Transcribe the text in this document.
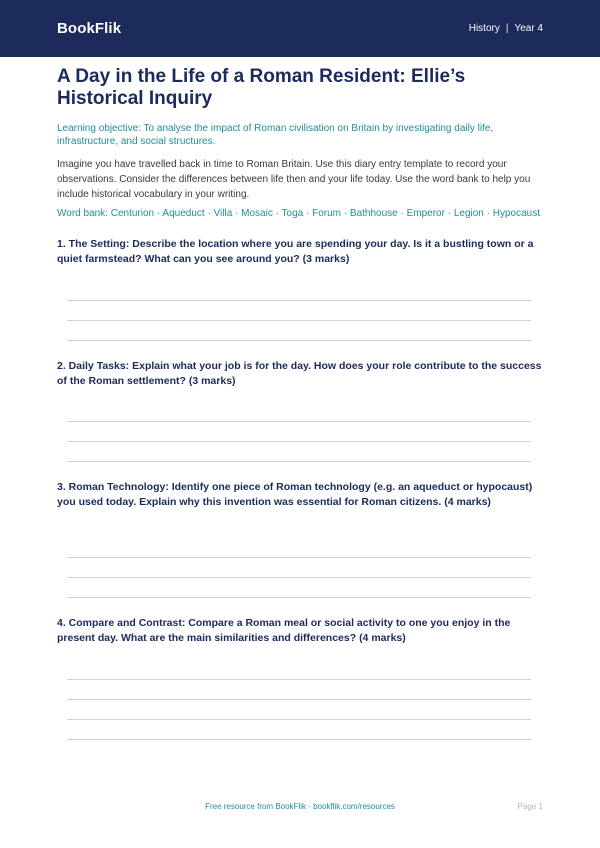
BookFlik	History | Year 4
A Day in the Life of a Roman Resident: Ellie’s Historical Inquiry

Learning objective: To analyse the impact of Roman civilisation on Britain by investigating daily life, infrastructure, and social structures.

Imagine you have travelled back in time to Roman Britain. Use this diary entry template to record your observations. Consider the differences between life then and your life today. Use the word bank to help you include historical vocabulary in your writing.

Word bank: Centurion · Aqueduct · Villa · Mosaic · Toga · Forum · Bathhouse · Emperor · Legion · Hypocaust

1. The Setting: Describe the location where you are spending your day. Is it a bustling town or a quiet farmstead? What can you see around you? (3 marks)

2. Daily Tasks: Explain what your job is for the day. How does your role contribute to the success of the Roman settlement? (3 marks)

3. Roman Technology: Identify one piece of Roman technology (e.g. an aqueduct or hypocaust) you used today. Explain why this invention was essential for Roman citizens. (4 marks)

4. Compare and Contrast: Compare a Roman meal or social activity to one you enjoy in the present day. What are the main similarities and differences? (4 marks)

Free resource from BookFlik · bookflik.com/resources	Page 1
